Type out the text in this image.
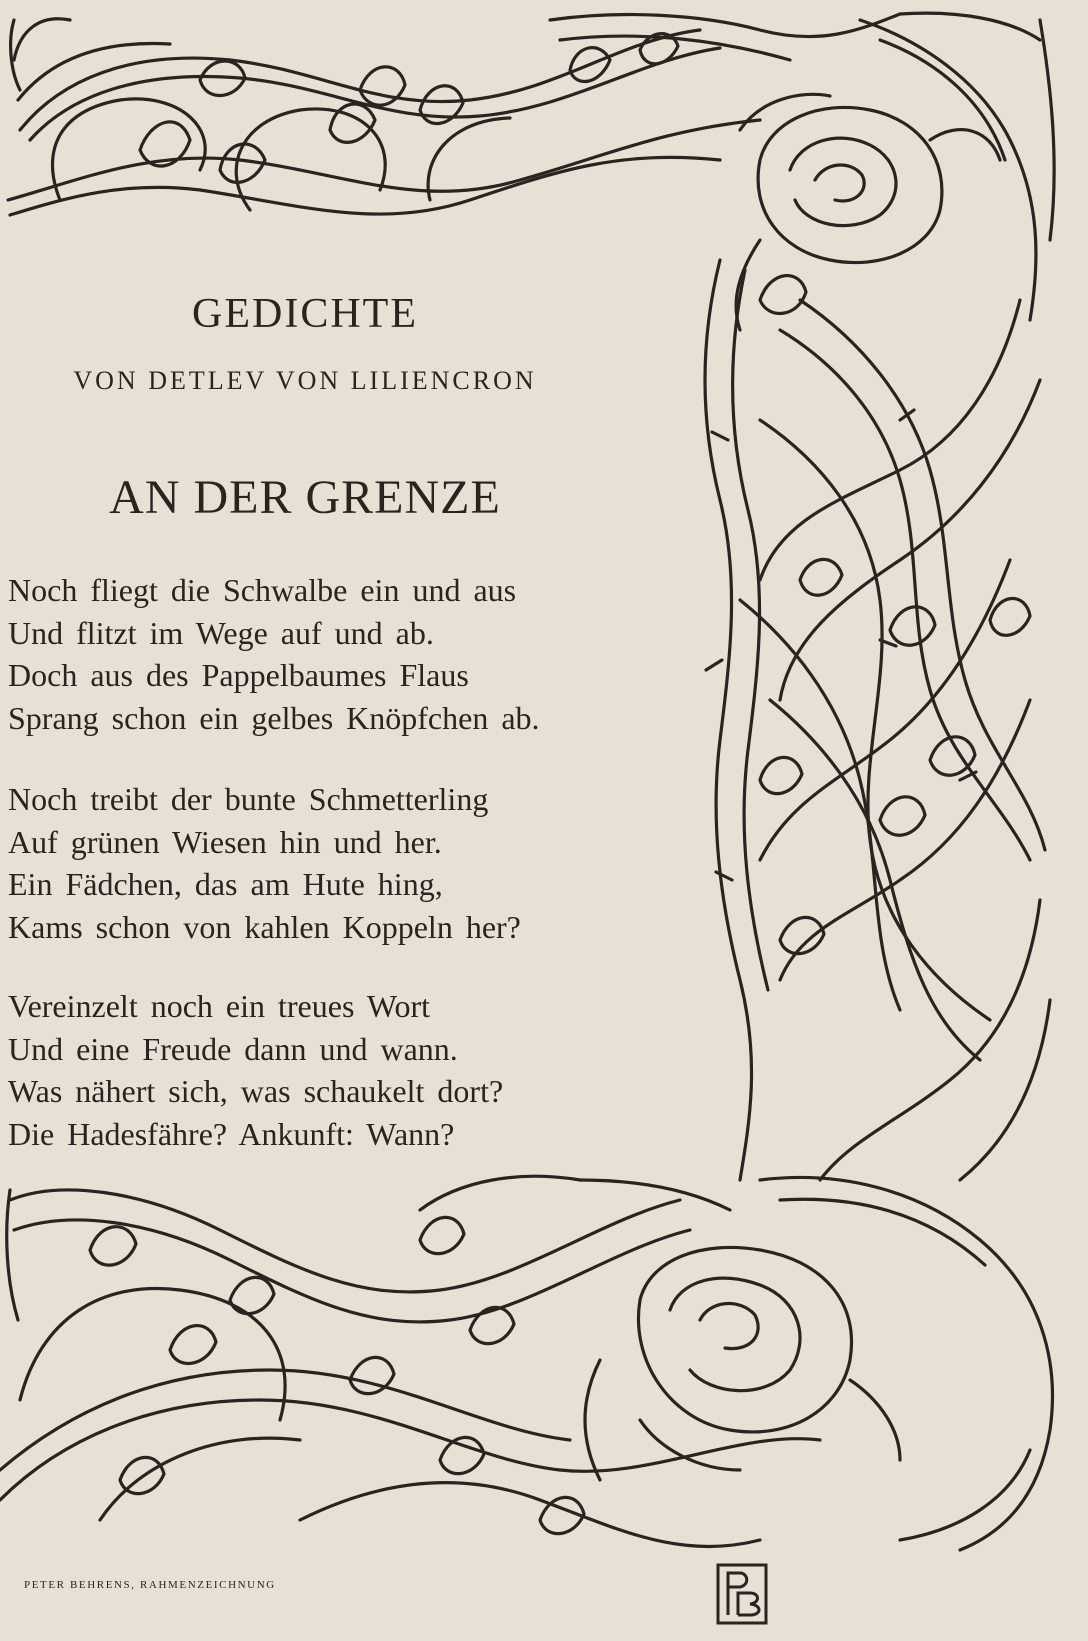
GEDICHTE
VON DETLEV VON LILIENCRON
AN DER GRENZE

Noch fliegt die Schwalbe ein und aus
Und flitzt im Wege auf und ab.
Doch aus des Pappelbaumes Flaus
Sprang schon ein gelbes Knöpfchen ab.

Noch treibt der bunte Schmetterling
Auf grünen Wiesen hin und her.
Ein Fädchen, das am Hute hing,
Kams schon von kahlen Koppeln her?

Vereinzelt noch ein treues Wort
Und eine Freude dann und wann.
Was nähert sich, was schaukelt dort?
Die Hadesfähre? Ankunft: Wann?

PETER BEHRENS, RAHMENZEICHNUNG
